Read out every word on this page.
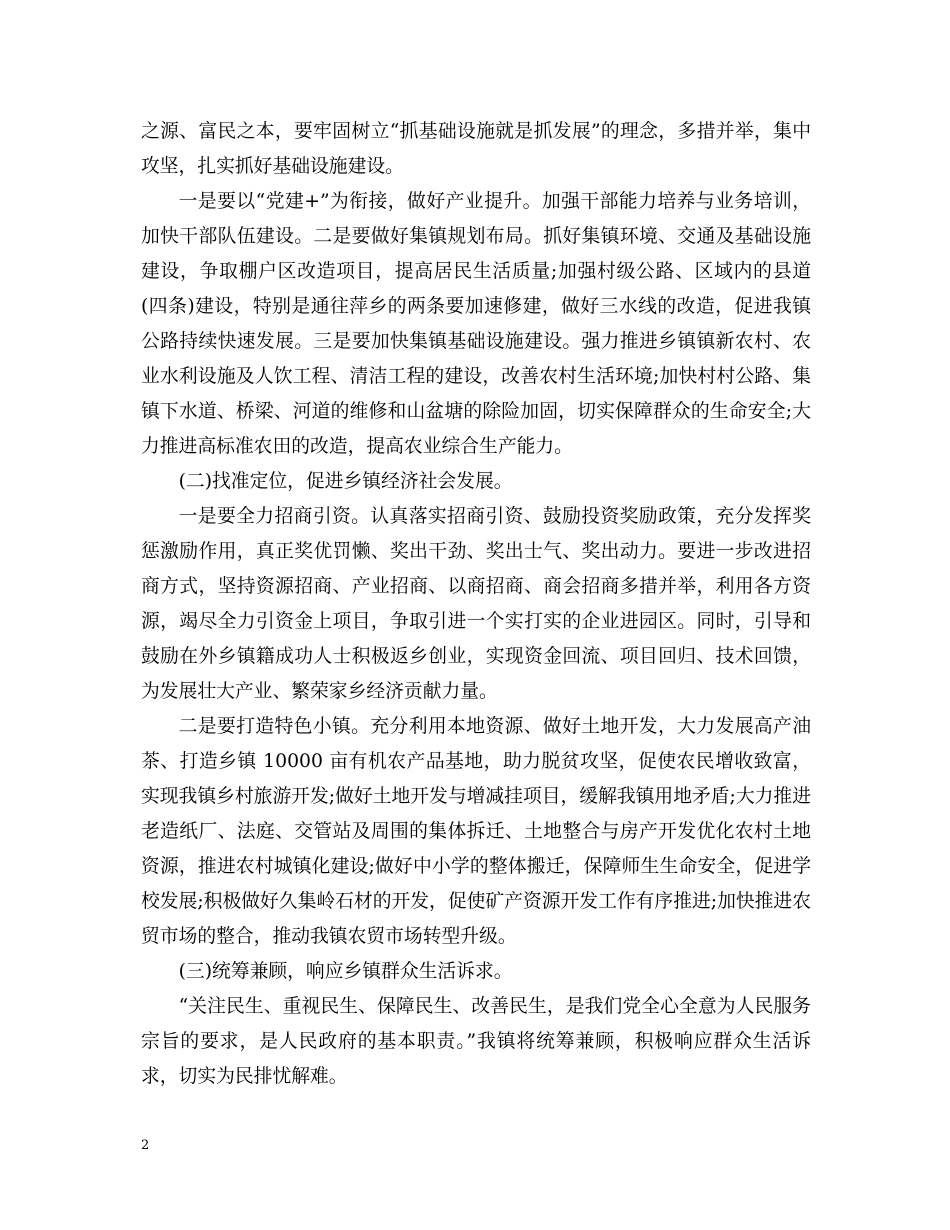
之源、富民之本，要牢固树立“抓基础设施就是抓发展”的理念，多措并举，集中攻坚，扎实抓好基础设施建设。

一是要以“党建+”为衔接，做好产业提升。加强干部能力培养与业务培训，加快干部队伍建设。二是要做好集镇规划布局。抓好集镇环境、交通及基础设施建设，争取棚户区改造项目，提高居民生活质量;加强村级公路、区域内的县道(四条)建设，特别是通往萍乡的两条要加速修建，做好三水线的改造，促进我镇公路持续快速发展。三是要加快集镇基础设施建设。强力推进乡镇镇新农村、农业水利设施及人饮工程、清洁工程的建设，改善农村生活环境;加快村村公路、集镇下水道、桥梁、河道的维修和山盆塘的除险加固，切实保障群众的生命安全;大力推进高标准农田的改造，提高农业综合生产能力。

(二)找准定位，促进乡镇经济社会发展。

一是要全力招商引资。认真落实招商引资、鼓励投资奖励政策，充分发挥奖惩激励作用，真正奖优罚懒、奖出干劲、奖出士气、奖出动力。要进一步改进招商方式，坚持资源招商、产业招商、以商招商、商会招商多措并举，利用各方资源，竭尽全力引资金上项目，争取引进一个实打实的企业进园区。同时，引导和鼓励在外乡镇籍成功人士积极返乡创业，实现资金回流、项目回归、技术回馈，为发展壮大产业、繁荣家乡经济贡献力量。

二是要打造特色小镇。充分利用本地资源、做好土地开发，大力发展高产油茶、打造乡镇 10000 亩有机农产品基地，助力脱贫攻坚，促使农民增收致富，实现我镇乡村旅游开发;做好土地开发与增减挂项目，缓解我镇用地矛盾;大力推进老造纸厂、法庭、交管站及周围的集体拆迁、土地整合与房产开发优化农村土地资源，推进农村城镇化建设;做好中小学的整体搬迁，保障师生生命安全，促进学校发展;积极做好久集岭石材的开发，促使矿产资源开发工作有序推进;加快推进农贸市场的整合，推动我镇农贸市场转型升级。

(三)统筹兼顾，响应乡镇群众生活诉求。

“关注民生、重视民生、保障民生、改善民生，是我们党全心全意为人民服务宗旨的要求，是人民政府的基本职责。”我镇将统筹兼顾，积极响应群众生活诉求，切实为民排忧解难。

2
